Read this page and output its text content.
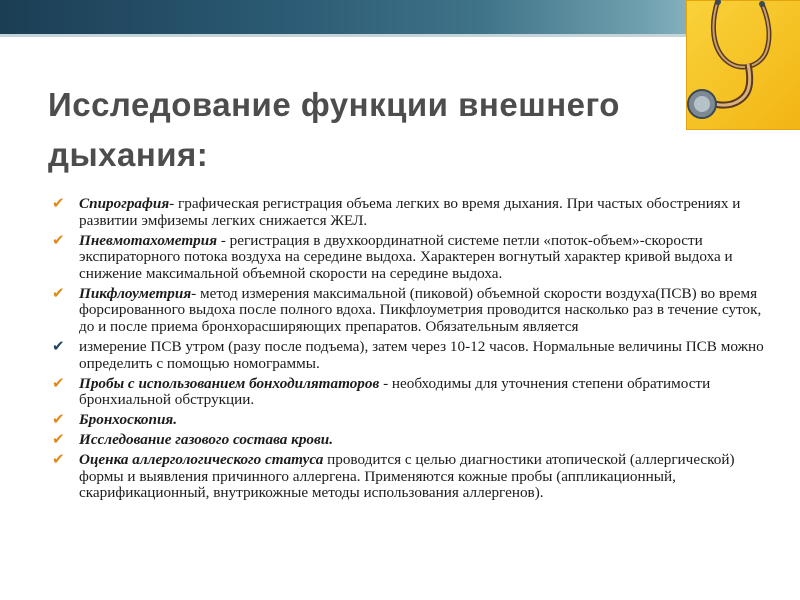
Исследование функции внешнего
дыхания:
✔ Спирография- графическая регистрация объема легких во время дыхания. При частых обострениях и развитии эмфиземы легких снижается ЖЕЛ.
✔ Пневмотахометрия - регистрация в двухкоординатной системе петли «поток-объем»-скорости экспираторного потока воздуха на середине выдоха. Характерен вогнутый характер кривой выдоха и снижение максимальной объемной скорости на середине выдоха.
✔ Пикфлоуметрия- метод измерения максимальной (пиковой) объемной скорости воздуха(ПСВ) во время форсированного выдоха после полного вдоха. Пикфлоуметрия проводится насколько раз в течение суток, до и после приема бронхорасширяющих препаратов. Обязательным является
✔ измерение ПСВ утром (разу после подъема), затем через 10-12 часов. Нормальные величины ПСВ можно определить с помощью номограммы.
✔ Пробы с использованием бонходилятаторов - необходимы для уточнения степени обратимости бронхиальной обструкции.
✔ Бронхоскопия.
✔ Исследование газового состава крови.
✔ Оценка аллергологического статуса проводится с целью диагностики атопической (аллергической) формы и выявления причинного аллергена. Применяются кожные пробы (аппликационный, скарификационный, внутрикожные методы использования аллергенов).
